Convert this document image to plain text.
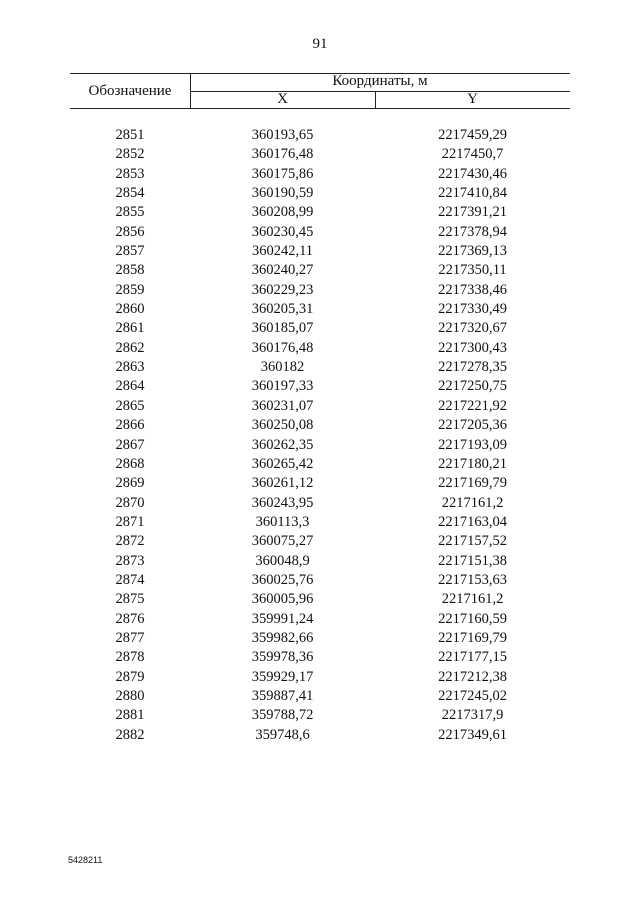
91
Обозначение
Координаты, м
X	Y
2851	360193,65	2217459,29
2852	360176,48	2217450,7
2853	360175,86	2217430,46
2854	360190,59	2217410,84
2855	360208,99	2217391,21
2856	360230,45	2217378,94
2857	360242,11	2217369,13
2858	360240,27	2217350,11
2859	360229,23	2217338,46
2860	360205,31	2217330,49
2861	360185,07	2217320,67
2862	360176,48	2217300,43
2863	360182	2217278,35
2864	360197,33	2217250,75
2865	360231,07	2217221,92
2866	360250,08	2217205,36
2867	360262,35	2217193,09
2868	360265,42	2217180,21
2869	360261,12	2217169,79
2870	360243,95	2217161,2
2871	360113,3	2217163,04
2872	360075,27	2217157,52
2873	360048,9	2217151,38
2874	360025,76	2217153,63
2875	360005,96	2217161,2
2876	359991,24	2217160,59
2877	359982,66	2217169,79
2878	359978,36	2217177,15
2879	359929,17	2217212,38
2880	359887,41	2217245,02
2881	359788,72	2217317,9
2882	359748,6	2217349,61
5428211
